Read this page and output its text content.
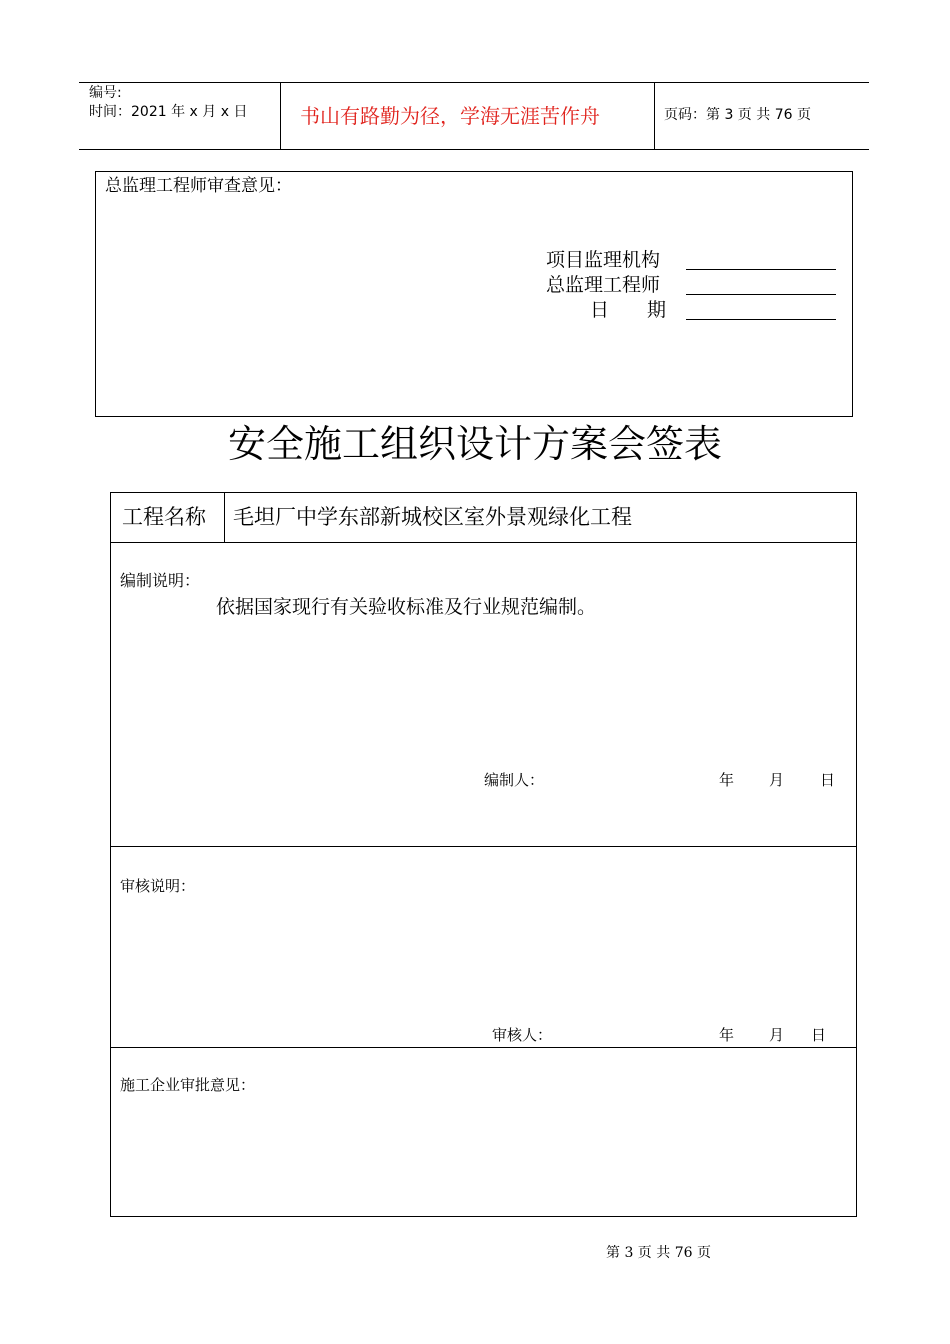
编号:
时间：2021 年 x 月 x 日	书山有路勤为径，学海无涯苦作舟	页码：第 3 页 共 76 页
总监理工程师审查意见：
项目监理机构
总监理工程师
日　　期
安全施工组织设计方案会签表
工程名称 毛坦厂中学东部新城校区室外景观绿化工程
编制说明：
依据国家现行有关验收标准及行业规范编制。
编制人：	年 月 日
审核说明：
审核人：	年 月 日
施工企业审批意见：
第 3 页 共 76 页
